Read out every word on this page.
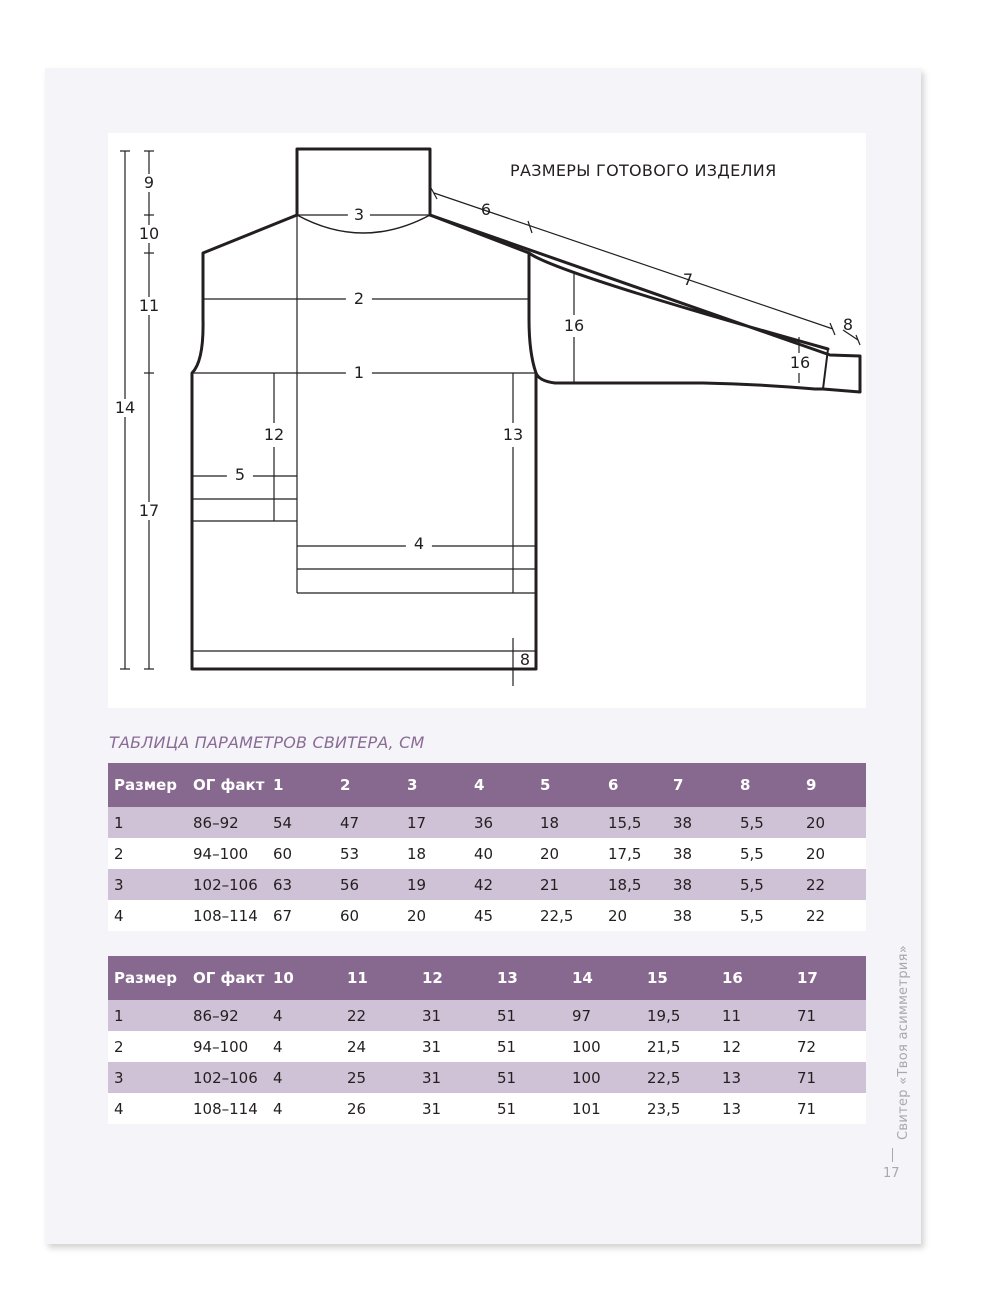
РАЗМЕРЫ ГОТОВОГО ИЗДЕЛИЯ
9
10
11
14
17
3	6
7
8
2
1
16
16
12	13
5
4
8
ТАБЛИЦА ПАРАМЕТРОВ СВИТЕРА, СМ
Размер	ОГ факт	1	2	3	4	5	6	7	8	9
1	86–92	54	47	17	36	18	15,5	38	5,5	20
2	94–100	60	53	18	40	20	17,5	38	5,5	20
3	102–106	63	56	19	42	21	18,5	38	5,5	22
4	108–114	67	60	20	45	22,5	20	38	5,5	22
Размер	ОГ факт	10	11	12	13	14	15	16	17
1	86–92	4	22	31	51	97	19,5	11	71
2	94–100	4	24	31	51	100	21,5	12	72
3	102–106	4	25	31	51	100	22,5	13	71
4	108–114	4	26	31	51	101	23,5	13	71	Свитер «Твоя асимметрия»
17
